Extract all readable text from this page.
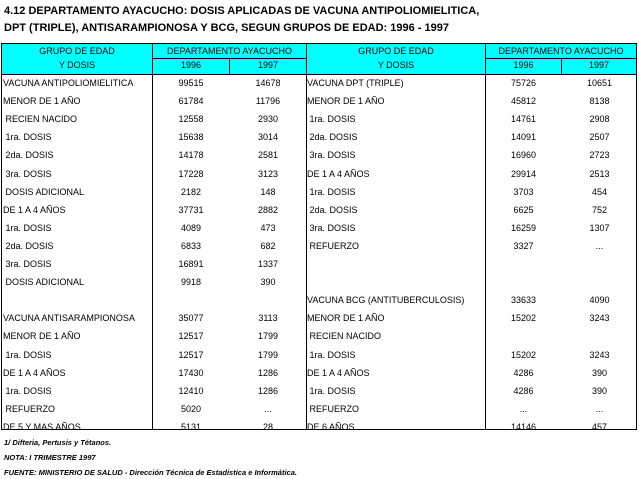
4.12 DEPARTAMENTO AYACUCHO: DOSIS APLICADAS DE VACUNA ANTIPOLIOMIELITICA,
DPT (TRIPLE), ANTISARAMPIONOSA Y BCG, SEGUN GRUPOS DE EDAD: 1996 - 1997
GRUPO DE EDAD
Y DOSIS
DEPARTAMENTO AYACUCHO
1996	1997
GRUPO DE EDAD
Y DOSIS
DEPARTAMENTO AYACUCHO
1996	1997
VACUNA ANTIPOLIOMIELITICA	99515	14678
MENOR DE 1 AÑO	61784	11796
RECIEN NACIDO	12558	2930
1ra. DOSIS	15638	3014
2da. DOSIS	14178	2581
3ra. DOSIS	17228	3123
DOSIS ADICIONAL	2182	148
DE 1 A 4 AÑOS	37731	2882
1ra. DOSIS	4089	473
2da. DOSIS	6833	682
3ra. DOSIS	16891	1337
DOSIS ADICIONAL	9918	390
VACUNA ANTISARAMPIONOSA	35077	3113
MENOR DE 1 AÑO	12517	1799
1ra. DOSIS	12517	1799
DE 1 A 4 AÑOS	17430	1286
1ra. DOSIS	12410	1286
REFUERZO	5020	...
DE 5 Y MAS AÑOS	5131	28
VACUNA DPT (TRIPLE)	75726	10651
MENOR DE 1 AÑO	45812	8138
1ra. DOSIS	14761	2908
2da. DOSIS	14091	2507
3ra. DOSIS	16960	2723
DE 1 A 4 AÑOS	29914	2513
1ra. DOSIS	3703	454
2da. DOSIS	6625	752
3ra. DOSIS	16259	1307
REFUERZO	3327	...
VACUNA BCG (ANTITUBERCULOSIS)	33633	4090
MENOR DE 1 AÑO	15202	3243
RECIEN NACIDO
1ra. DOSIS	15202	3243
DE 1 A 4 AÑOS	4286	390
1ra. DOSIS	4286	390
REFUERZO	...	...
DE 6 AÑOS	14146	457
1/ Difteria, Pertusis y Tétanos.
NOTA: I TRIMESTRE 1997
FUENTE: MINISTERIO DE SALUD - Dirección Técnica de Estadística e Informática.
